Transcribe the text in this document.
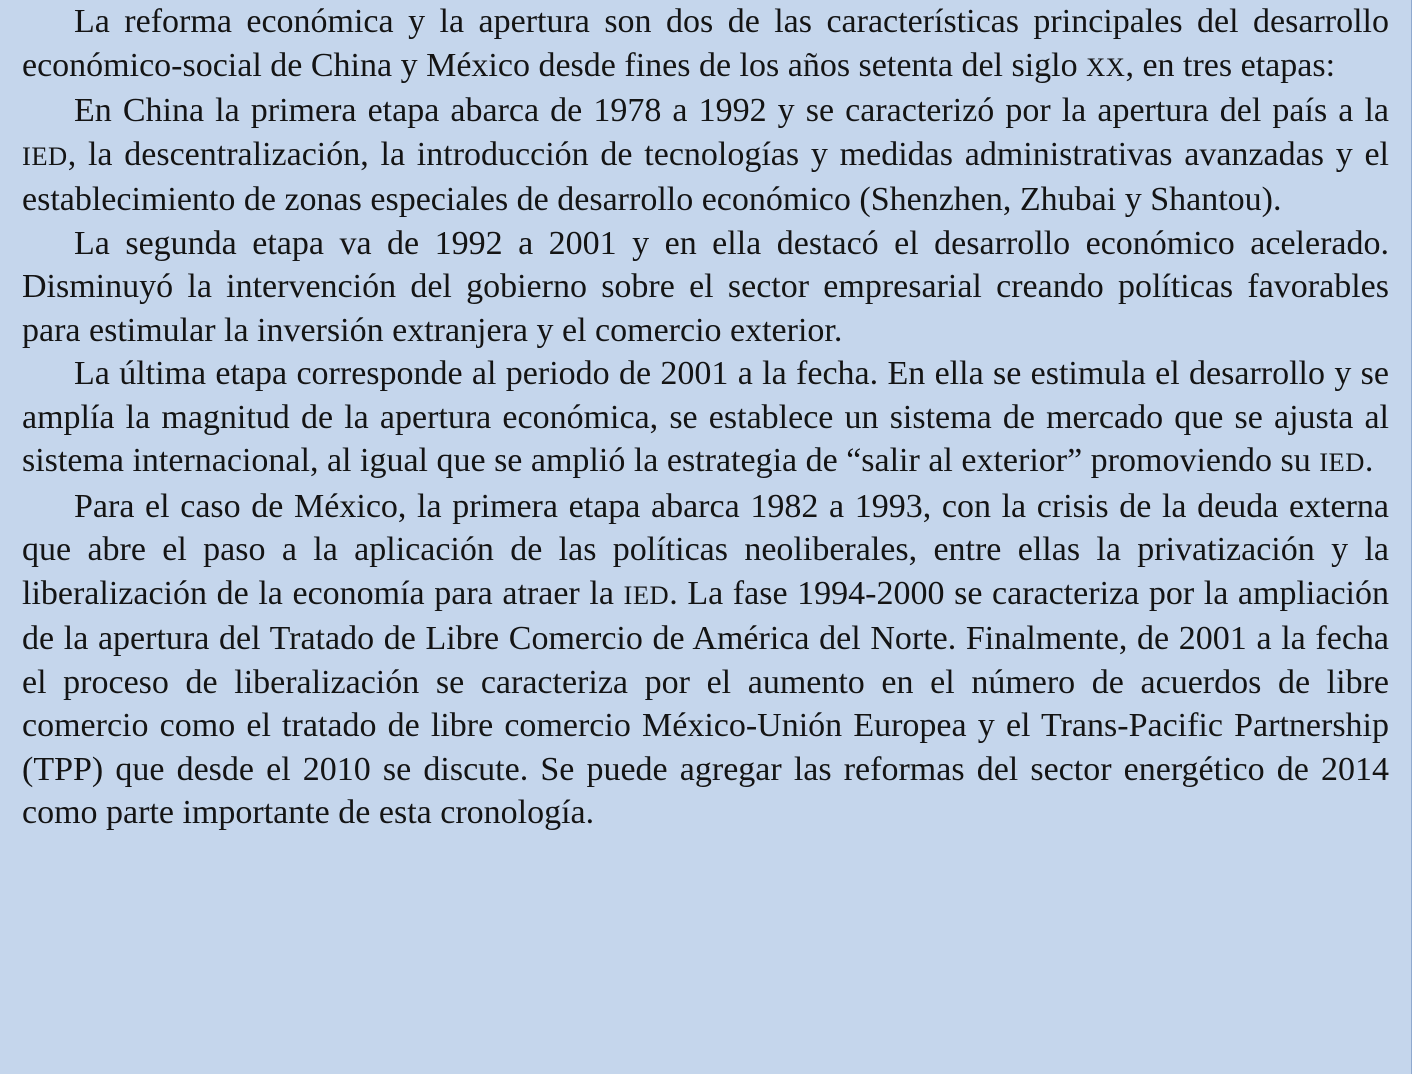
La reforma económica y la apertura son dos de las características principales del desarrollo económico-social de China y México desde fines de los años setenta del siglo XX, en tres etapas:

En China la primera etapa abarca de 1978 a 1992 y se caracterizó por la apertura del país a la IED, la descentralización, la introducción de tecnologías y medidas administrativas avanzadas y el establecimiento de zonas especiales de desarrollo económico (Shenzhen, Zhubai y Shantou).

La segunda etapa va de 1992 a 2001 y en ella destacó el desarrollo económico acelerado. Disminuyó la intervención del gobierno sobre el sector empresarial creando políticas favorables para estimular la inversión extranjera y el comercio exterior.

La última etapa corresponde al periodo de 2001 a la fecha. En ella se estimula el desarrollo y se amplía la magnitud de la apertura económica, se establece un sistema de mercado que se ajusta al sistema internacional, al igual que se amplió la estrategia de “salir al exterior” promoviendo su IED.

Para el caso de México, la primera etapa abarca 1982 a 1993, con la crisis de la deuda externa que abre el paso a la aplicación de las políticas neoliberales, entre ellas la privatización y la liberalización de la economía para atraer la IED. La fase 1994-2000 se caracteriza por la ampliación de la apertura del Tratado de Libre Comercio de América del Norte. Finalmente, de 2001 a la fecha el proceso de liberalización se caracteriza por el aumento en el número de acuerdos de libre comercio como el tratado de libre comercio México-Unión Europea y el Trans-Pacific Partnership (TPP) que desde el 2010 se discute. Se puede agregar las reformas del sector energético de 2014 como parte importante de esta cronología.
